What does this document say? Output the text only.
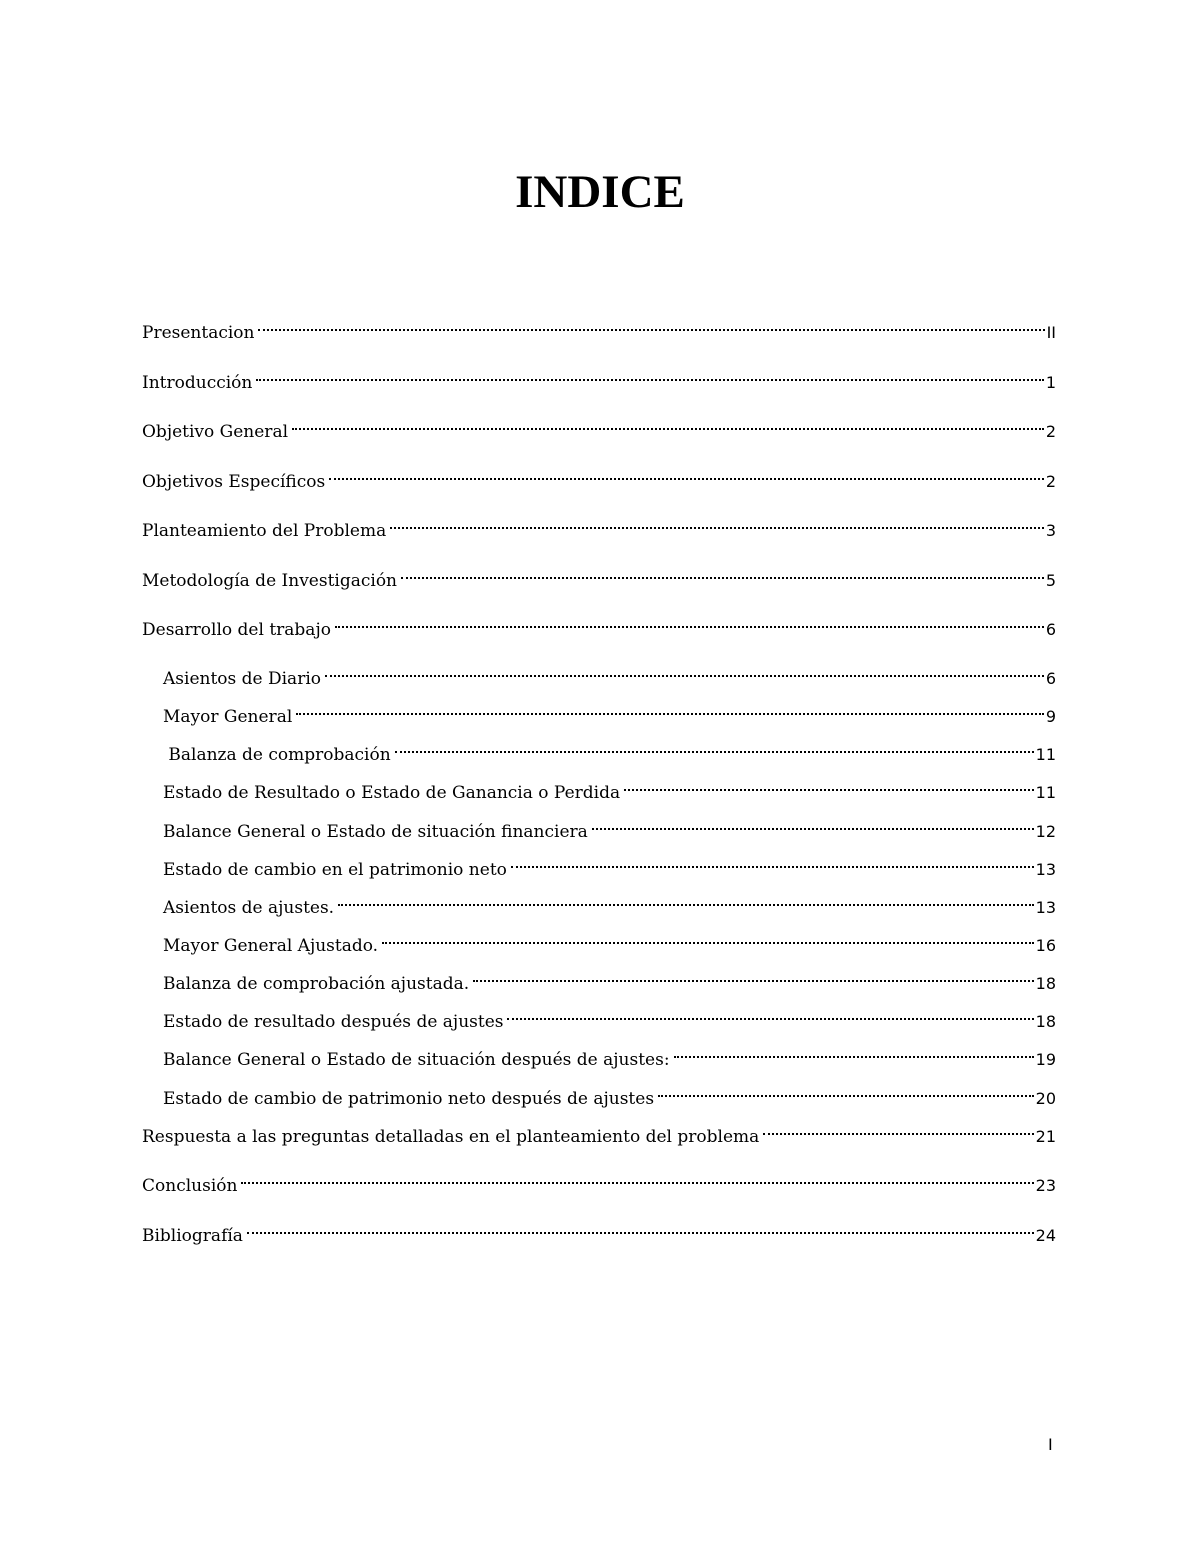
INDICE
Presentacion	II
Introducción	1
Objetivo General	2
Objetivos Específicos	2
Planteamiento del Problema	3
Metodología de Investigación	5
Desarrollo del trabajo	6
Asientos de Diario	6
Mayor General	9
Balanza de comprobación	11
Estado de Resultado o Estado de Ganancia o Perdida	11
Balance General o Estado de situación financiera	12
Estado de cambio en el patrimonio neto	13
Asientos de ajustes.	13
Mayor General Ajustado.	16
Balanza de comprobación ajustada.	18
Estado de resultado después de ajustes	18
Balance General o Estado de situación después de ajustes:	19
Estado de cambio de patrimonio neto después de ajustes	20
Respuesta a las preguntas detalladas en el planteamiento del problema	21
Conclusión	23
Bibliografía	24
I
